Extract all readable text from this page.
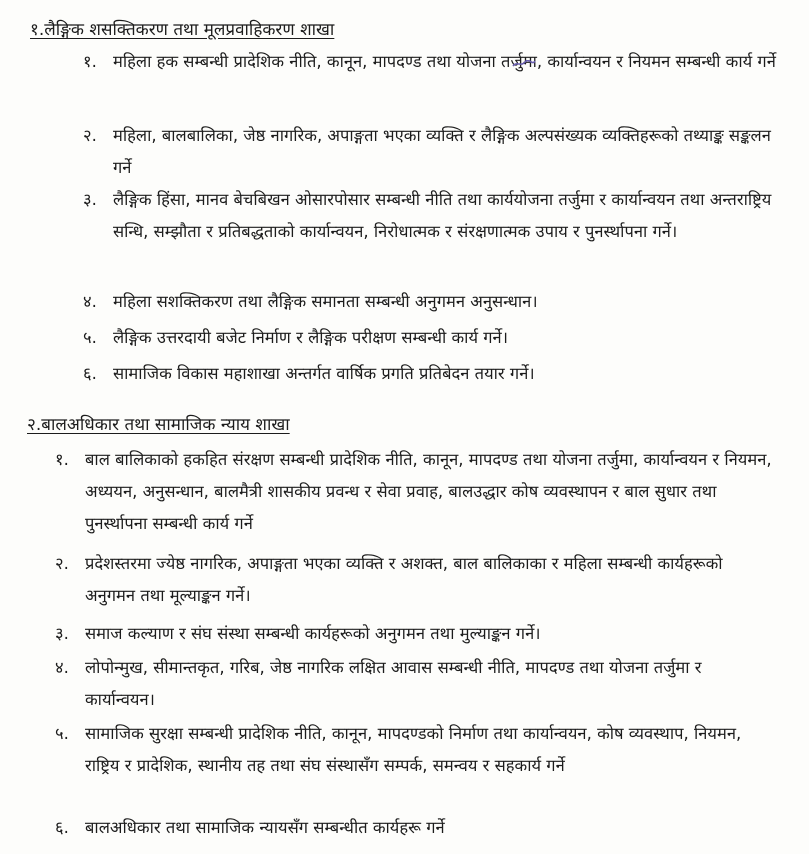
१.लैङ्गिक शसक्तिकरण तथा मूलप्रवाहिकरण शाखा
१. महिला हक सम्बन्धी प्रादेशिक नीति, कानून, मापदण्ड तथा योजना तर्जुमा, कार्यान्वयन र नियमन सम्बन्धी कार्य गर्ने
२. महिला, बालबालिका, जेष्ठ नागरिक, अपाङ्गता भएका व्यक्ति र लैङ्गिक अल्पसंख्यक व्यक्तिहरूको तथ्याङ्क सङ्कलन गर्ने
३. लैङ्गिक हिंसा, मानव बेचबिखन ओसारपोसार सम्बन्धी नीति तथा कार्ययोजना तर्जुमा र कार्यान्वयन तथा अन्तराष्ट्रिय सन्धि, सम्झौता र प्रतिबद्धताको कार्यान्वयन, निरोधात्मक र संरक्षणात्मक उपाय र पुनर्स्थापना गर्ने।
४. महिला सशक्तिकरण तथा लैङ्गिक समानता सम्बन्धी अनुगमन अनुसन्धान।
५. लैङ्गिक उत्तरदायी बजेट निर्माण र लैङ्गिक परीक्षण सम्बन्धी कार्य गर्ने।
६. सामाजिक विकास महाशाखा अन्तर्गत वार्षिक प्रगति प्रतिबेदन तयार गर्ने।
२.बालअधिकार तथा सामाजिक न्याय शाखा
१. बाल बालिकाको हकहित संरक्षण सम्बन्धी प्रादेशिक नीति, कानून, मापदण्ड तथा योजना तर्जुमा, कार्यान्वयन र नियमन, अध्ययन, अनुसन्धान, बालमैत्री शासकीय प्रवन्ध र सेवा प्रवाह, बालउद्धार कोष व्यवस्थापन र बाल सुधार तथा पुनर्स्थापना सम्बन्धी कार्य गर्ने
२. प्रदेशस्तरमा ज्येष्ठ नागरिक, अपाङ्गता भएका व्यक्ति र अशक्त, बाल बालिकाका र महिला सम्बन्धी कार्यहरूको अनुगमन तथा मूल्याङ्कन गर्ने।
३. समाज कल्याण र संघ संस्था सम्बन्धी कार्यहरूको अनुगमन तथा मुल्याङ्कन गर्ने।
४. लोपोन्मुख, सीमान्तकृत, गरिब, जेष्ठ नागरिक लक्षित आवास सम्बन्धी नीति, मापदण्ड तथा योजना तर्जुमा र कार्यान्वयन।
५. सामाजिक सुरक्षा सम्बन्धी प्रादेशिक नीति, कानून, मापदण्डको निर्माण तथा कार्यान्वयन, कोष व्यवस्थाप, नियमन, राष्ट्रिय र प्रादेशिक, स्थानीय तह तथा संघ संस्थासँग सम्पर्क, समन्वय र सहकार्य गर्ने
६. बालअधिकार तथा सामाजिक न्यायसँग सम्बन्धीत कार्यहरू गर्ने
